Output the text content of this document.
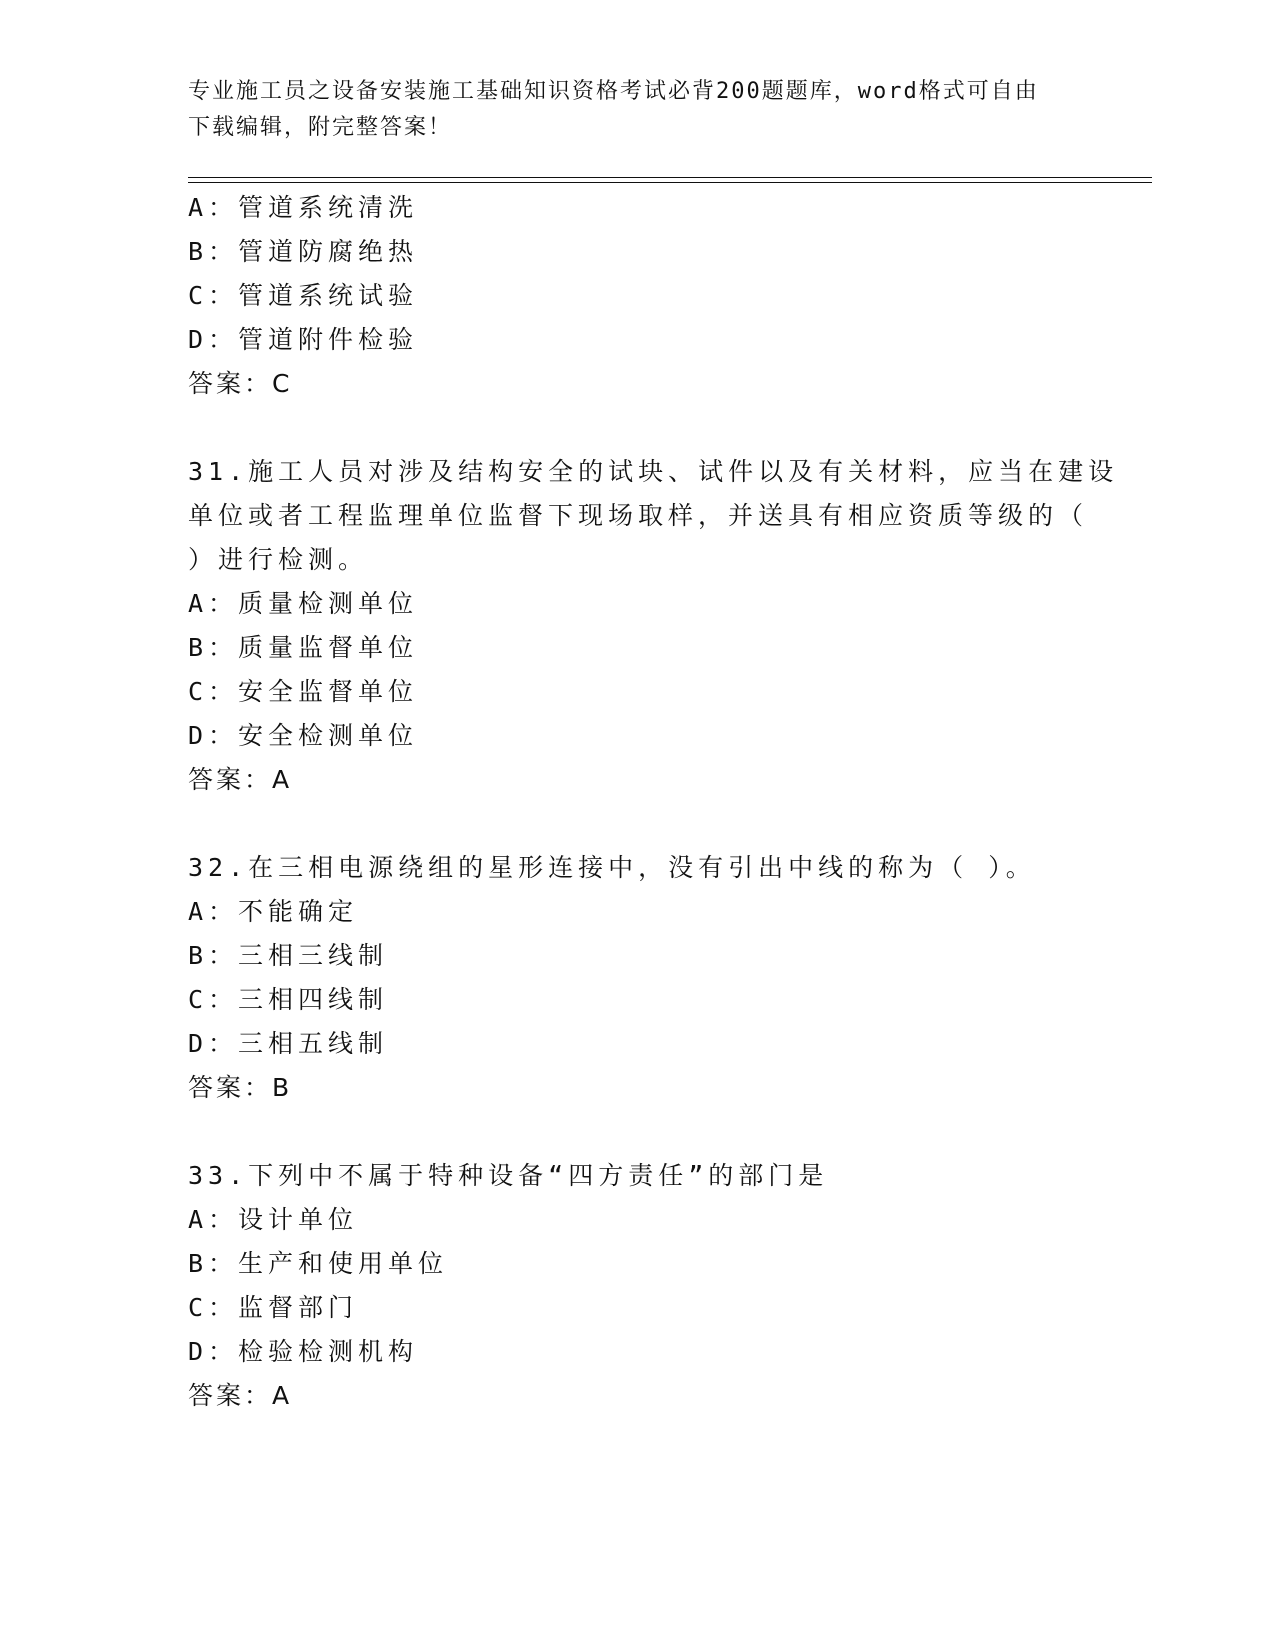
专业施工员之设备安装施工基础知识资格考试必背200题题库，word格式可自由
下载编辑，附完整答案！
A：管道系统清洗
B：管道防腐绝热
C：管道系统试验
D：管道附件检验
答案：C
31.施工人员对涉及结构安全的试块、试件以及有关材料，应当在建设
单位或者工程监理单位监督下现场取样，并送具有相应资质等级的（
）进行检测。
A：质量检测单位
B：质量监督单位
C：安全监督单位
D：安全检测单位
答案：A
32.在三相电源绕组的星形连接中，没有引出中线的称为（ ）。
A：不能确定
B：三相三线制
C：三相四线制
D：三相五线制
答案：B
33.下列中不属于特种设备“四方责任”的部门是
A：设计单位
B：生产和使用单位
C：监督部门
D：检验检测机构
答案：A
